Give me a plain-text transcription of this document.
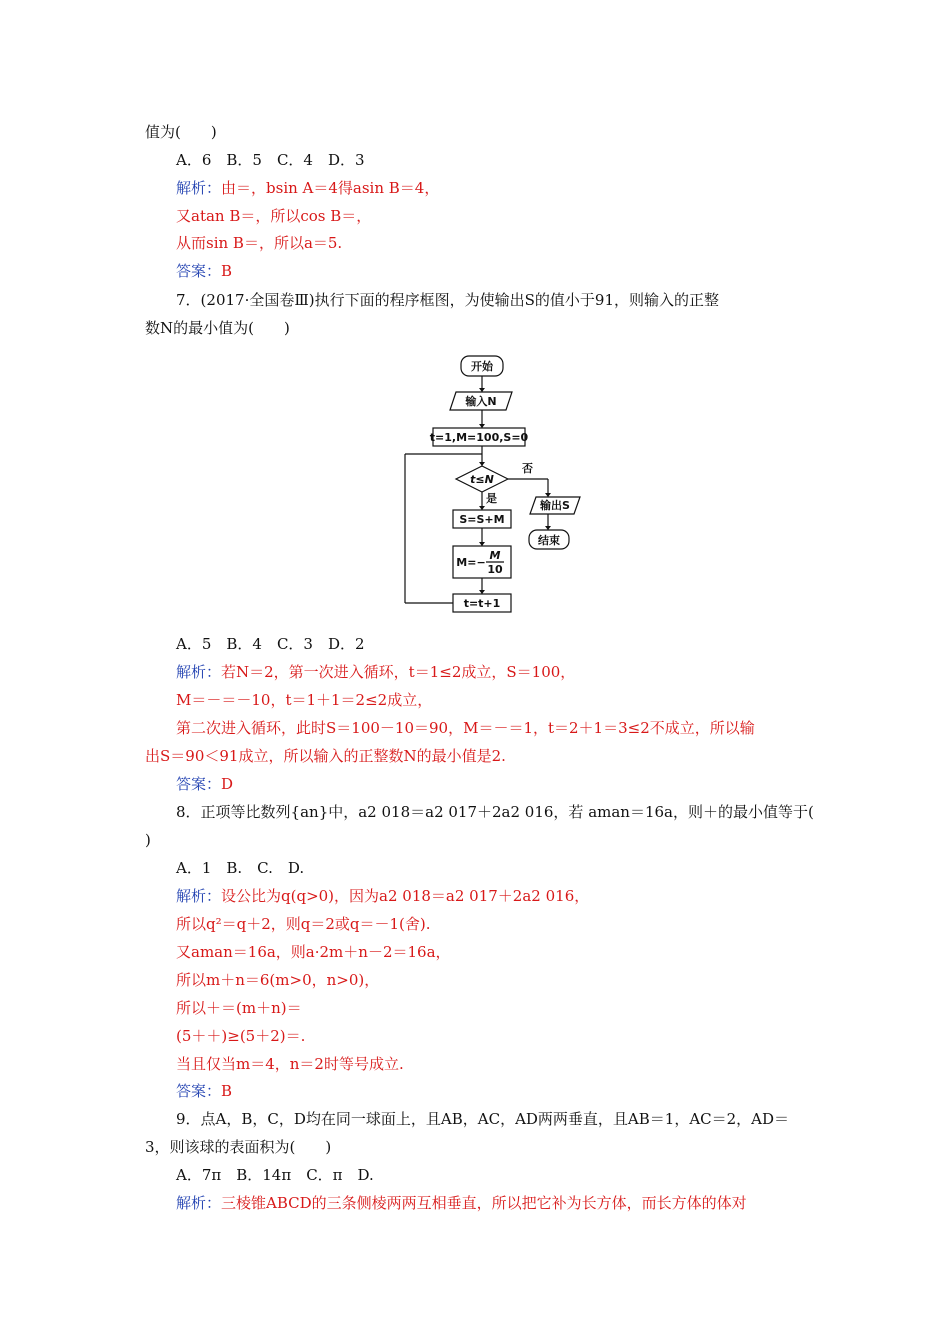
值为(　　)
A．6　B．5　C．4　D．3
解析：由＝，bsin A＝4得asin B＝4，
又atan B＝，所以cos B＝，
从而sin B＝，所以a＝5.
答案：B
7．(2017·全国卷Ⅲ)执行下面的程序框图，为使输出S的值小于91，则输入的正整
数N的最小值为(　　)
开始
输入N
t=1,M=100,S=0
t≤N
否
是
输出S
结束
S=S+M
M=−
M
10
t=t+1
A．5　B．4　C．3　D．2
解析：若N＝2，第一次进入循环，t＝1≤2成立，S＝100，
M＝－＝－10，t＝1＋1＝2≤2成立，
第二次进入循环，此时S＝100－10＝90，M＝－＝1，t＝2＋1＝3≤2不成立，所以输
出S＝90＜91成立，所以输入的正整数N的最小值是2.
答案：D
8．正项等比数列{an}中，a2 018＝a2 017＋2a2 016，若 aman＝16a，则＋的最小值等于(
)
A．1　B.　C.　D.
解析：设公比为q(q>0)，因为a2 018＝a2 017＋2a2 016，
所以q²＝q＋2，则q＝2或q＝－1(舍).
又aman＝16a，则a·2m＋n－2＝16a，
所以m＋n＝6(m>0，n>0)，
所以＋＝(m＋n)＝
(5＋＋)≥(5＋2)＝.
当且仅当m＝4，n＝2时等号成立.
答案：B
9．点A，B，C，D均在同一球面上，且AB，AC，AD两两垂直，且AB＝1，AC＝2，AD＝
3，则该球的表面积为(　　)
A．7π　B．14π　C．π　D.
解析：三棱锥ABCD的三条侧棱两两互相垂直，所以把它补为长方体，而长方体的体对
